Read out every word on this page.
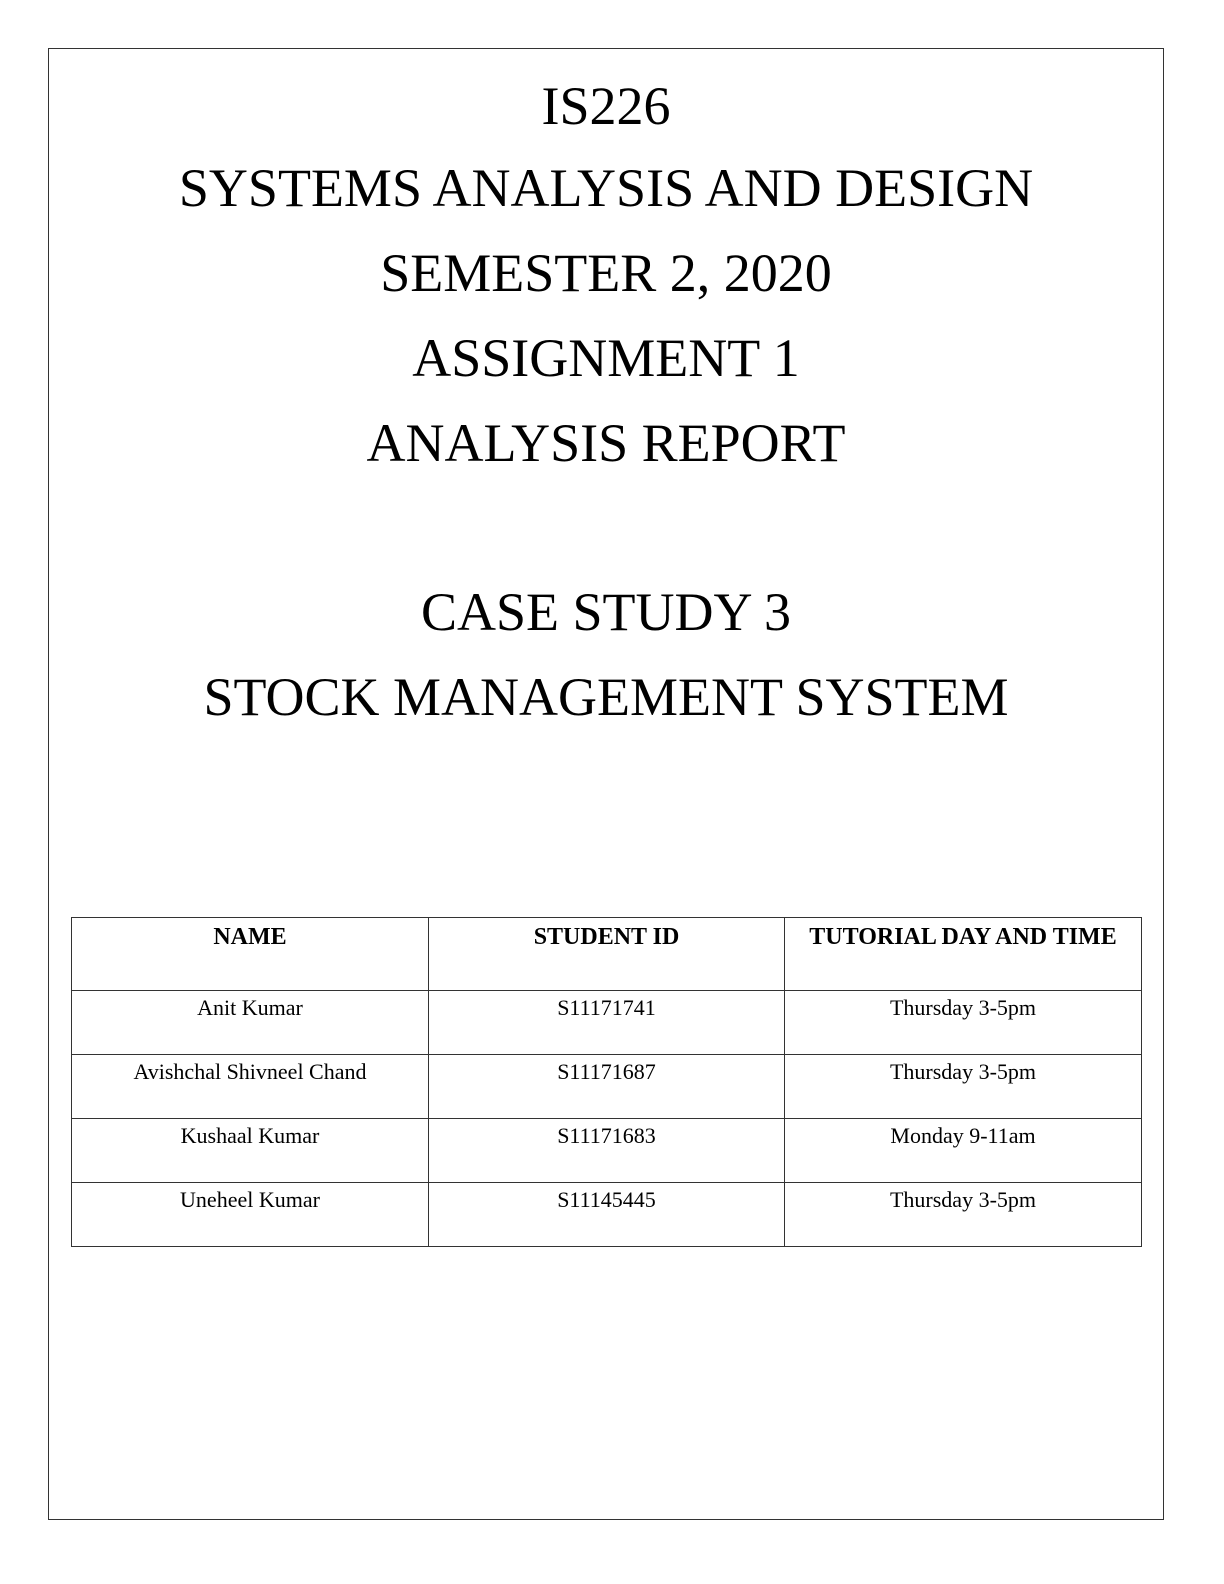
IS226
SYSTEMS ANALYSIS AND DESIGN
SEMESTER 2, 2020
ASSIGNMENT 1
ANALYSIS REPORT
CASE STUDY 3
STOCK MANAGEMENT SYSTEM
NAME	STUDENT ID	TUTORIAL DAY AND TIME
Anit Kumar	S11171741	Thursday 3-5pm
Avishchal Shivneel Chand	S11171687	Thursday 3-5pm
Kushaal Kumar	S11171683	Monday 9-11am
Uneheel Kumar	S11145445	Thursday 3-5pm
